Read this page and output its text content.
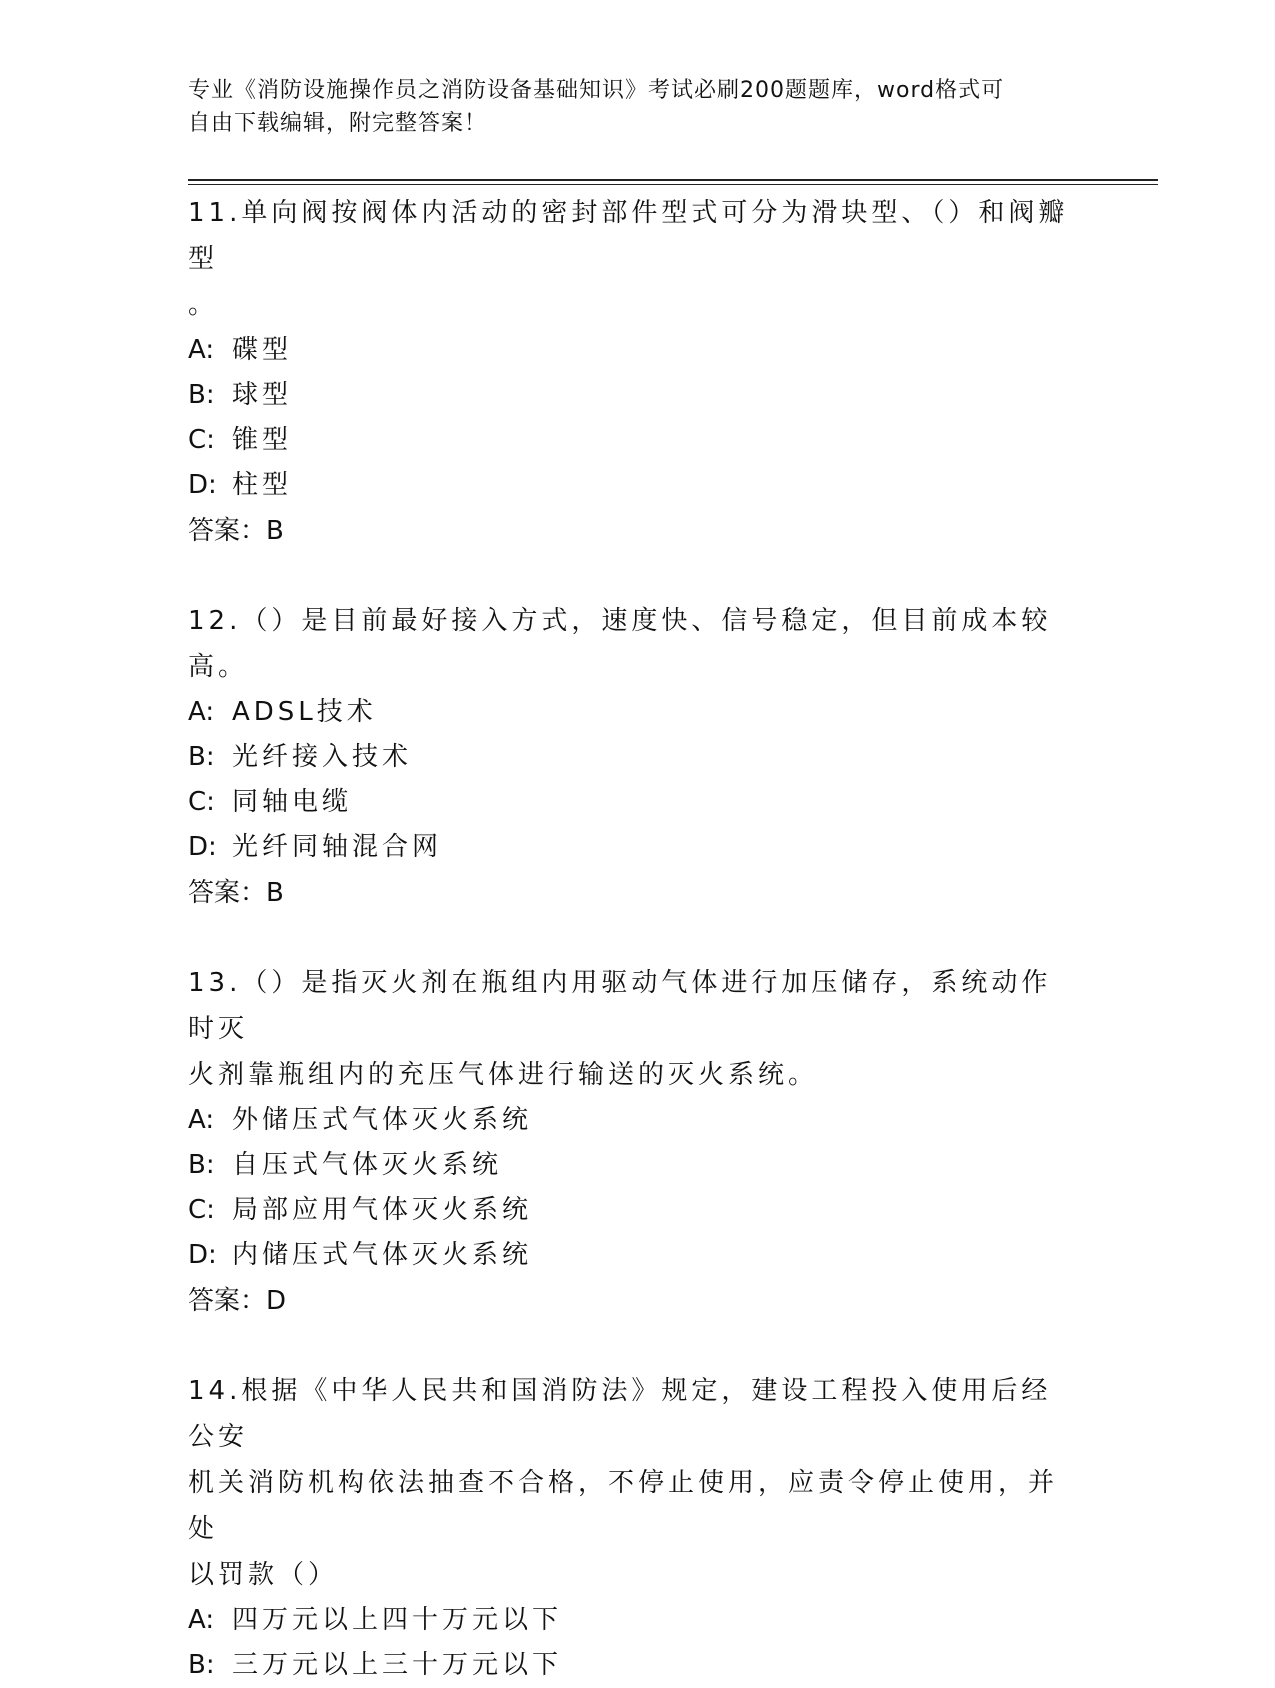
专业《消防设施操作员之消防设备基础知识》考试必刷200题题库，word格式可
自由下载编辑，附完整答案！

11.单向阀按阀体内活动的密封部件型式可分为滑块型、（）和阀瓣型

。

A: 碟型

B: 球型

C: 锥型

D: 柱型

答案：B

12.（）是目前最好接入方式，速度快、信号稳定，但目前成本较高。

A: ADSL技术

B: 光纤接入技术

C: 同轴电缆

D: 光纤同轴混合网

答案：B

13.（）是指灭火剂在瓶组内用驱动气体进行加压储存，系统动作时灭

火剂靠瓶组内的充压气体进行输送的灭火系统。

A: 外储压式气体灭火系统

B: 自压式气体灭火系统

C: 局部应用气体灭火系统

D: 内储压式气体灭火系统

答案：D

14.根据《中华人民共和国消防法》规定，建设工程投入使用后经公安

机关消防机构依法抽查不合格，不停止使用，应责令停止使用，并处

以罚款（）

A: 四万元以上四十万元以下

B: 三万元以上三十万元以下
